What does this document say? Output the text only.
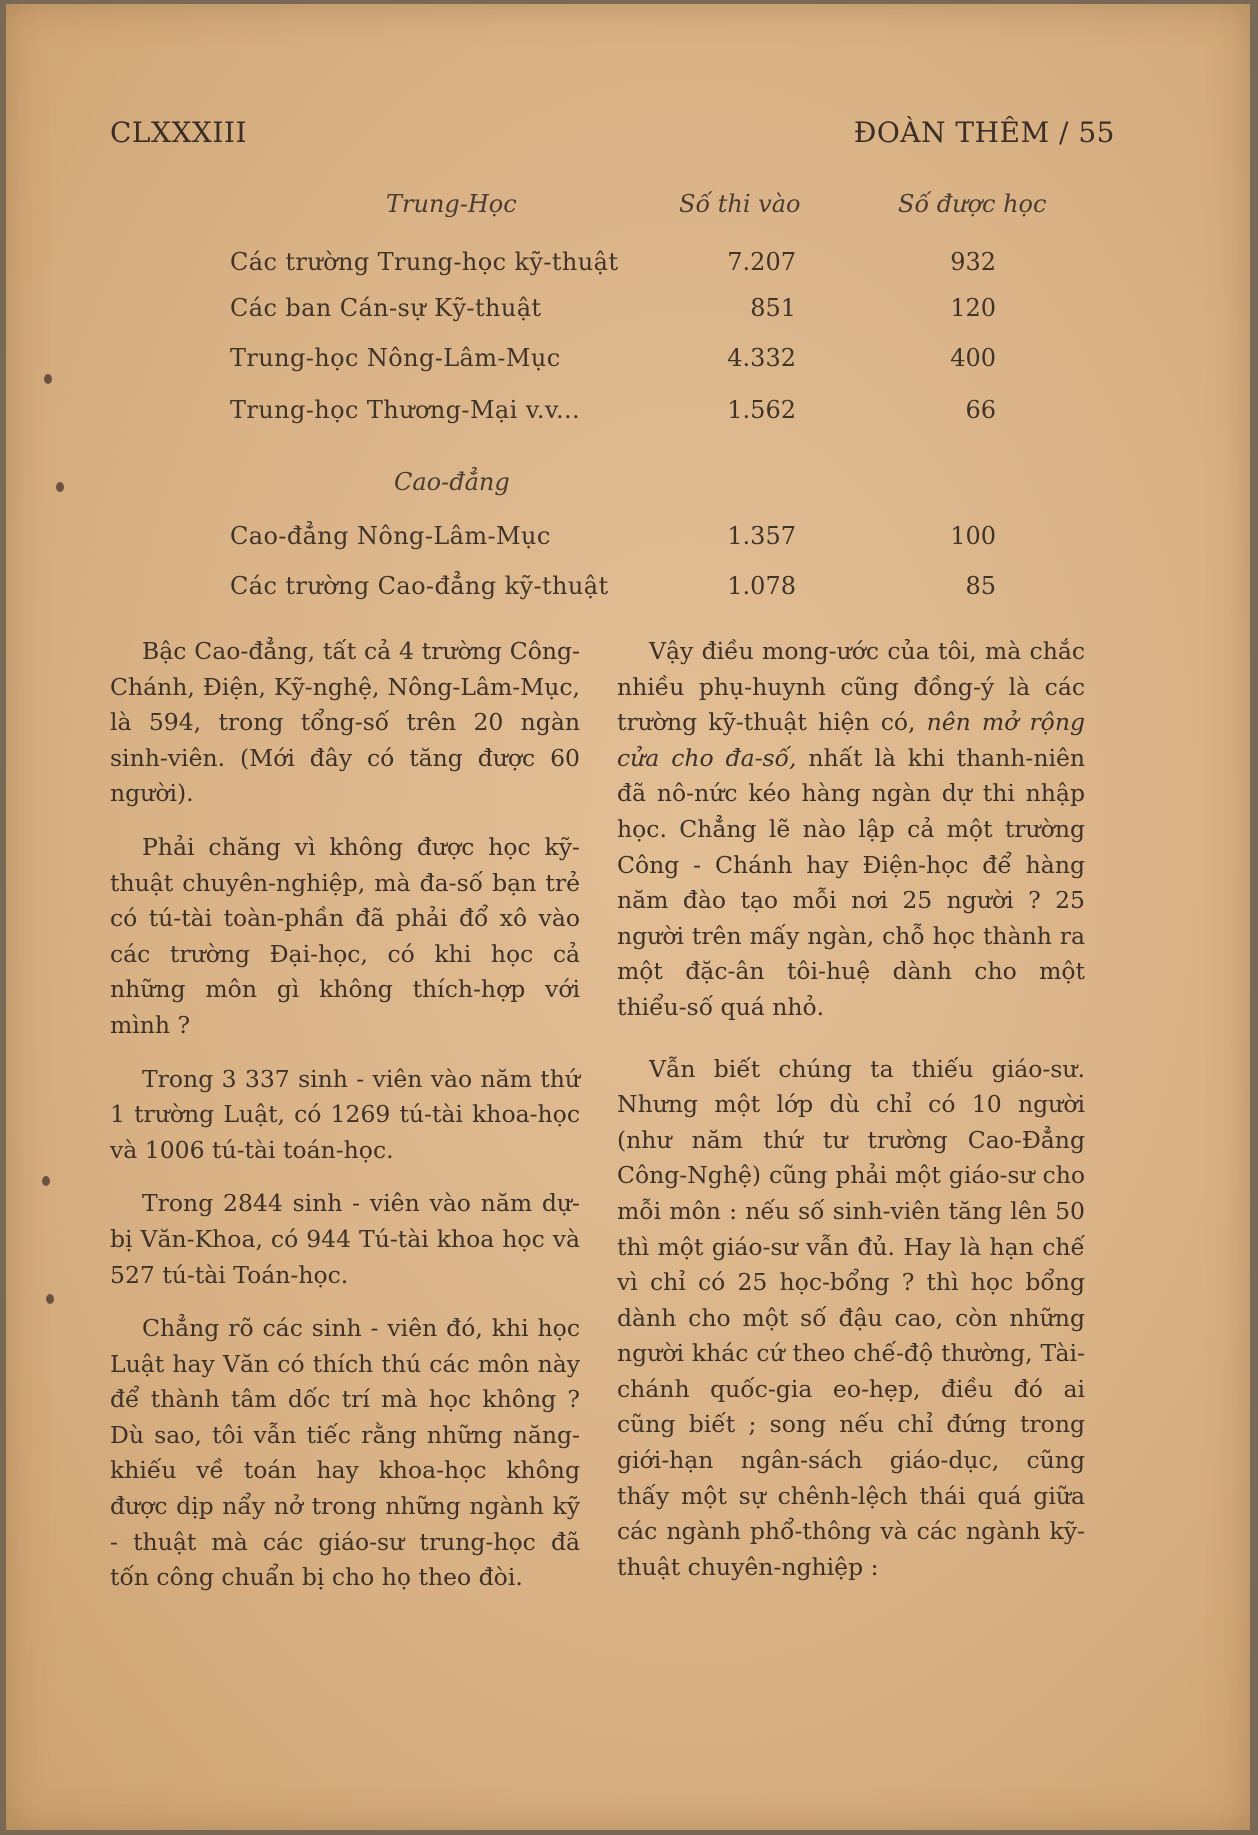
CLXXXIII	ĐOÀN THÊM / 55
Trung-Học	Số thi vào	Số được học
Các trường Trung-học kỹ-thuật	7.207	932
Các ban Cán-sự Kỹ-thuật	851	120
Trung-học Nông-Lâm-Mục	4.332	400
Trung-học Thương-Mại v.v...	1.562	66
Cao-đẳng
Cao-đẳng Nông-Lâm-Mục	1.357	100
Các trường Cao-đẳng kỹ-thuật	1.078	85

Bậc Cao-đẳng, tất cả 4 trường Công-Chánh, Điện, Kỹ-nghệ, Nông-Lâm-Mục, là 594, trong tổng-số trên 20 ngàn sinh-viên. (Mới đây có tăng được 60 người).

Phải chăng vì không được học kỹ-thuật chuyên-nghiệp, mà đa-số bạn trẻ có tú-tài toàn-phần đã phải đổ xô vào các trường Đại-học, có khi học cả những môn gì không thích-hợp với mình ?

Trong 3 337 sinh - viên vào năm thứ 1 trường Luật, có 1269 tú-tài khoa-học và 1006 tú-tài toán-học.

Trong 2844 sinh - viên vào năm dự-bị Văn-Khoa, có 944 Tú-tài khoa học và 527 tú-tài Toán-học.

Chẳng rõ các sinh - viên đó, khi học Luật hay Văn có thích thú các môn này để thành tâm dốc trí mà học không ? Dù sao, tôi vẫn tiếc rằng những năng-khiếu về toán hay khoa-học không được dịp nẩy nở trong những ngành kỹ - thuật mà các giáo-sư trung-học đã tốn công chuẩn bị cho họ theo đòi.

Vậy điều mong-ước của tôi, mà chắc nhiều phụ-huynh cũng đồng-ý là các trường kỹ-thuật hiện có, nên mở rộng cửa cho đa-số, nhất là khi thanh-niên đã nô-nức kéo hàng ngàn dự thi nhập học. Chẳng lẽ nào lập cả một trường Công - Chánh hay Điện-học để hàng năm đào tạo mỗi nơi 25 người ? 25 người trên mấy ngàn, chỗ học thành ra một đặc-ân tôi-huệ dành cho một thiểu-số quá nhỏ.

Vẫn biết chúng ta thiếu giáo-sư. Nhưng một lớp dù chỉ có 10 người (như năm thứ tư trường Cao-Đẳng Công-Nghệ) cũng phải một giáo-sư cho mỗi môn : nếu số sinh-viên tăng lên 50 thì một giáo-sư vẫn đủ. Hay là hạn chế vì chỉ có 25 học-bổng ? thì học bổng dành cho một số đậu cao, còn những người khác cứ theo chế-độ thường, Tài-chánh quốc-gia eo-hẹp, điều đó ai cũng biết ; song nếu chỉ đứng trong giới-hạn ngân-sách giáo-dục, cũng thấy một sự chênh-lệch thái quá giữa các ngành phổ-thông và các ngành kỹ-thuật chuyên-nghiệp :
